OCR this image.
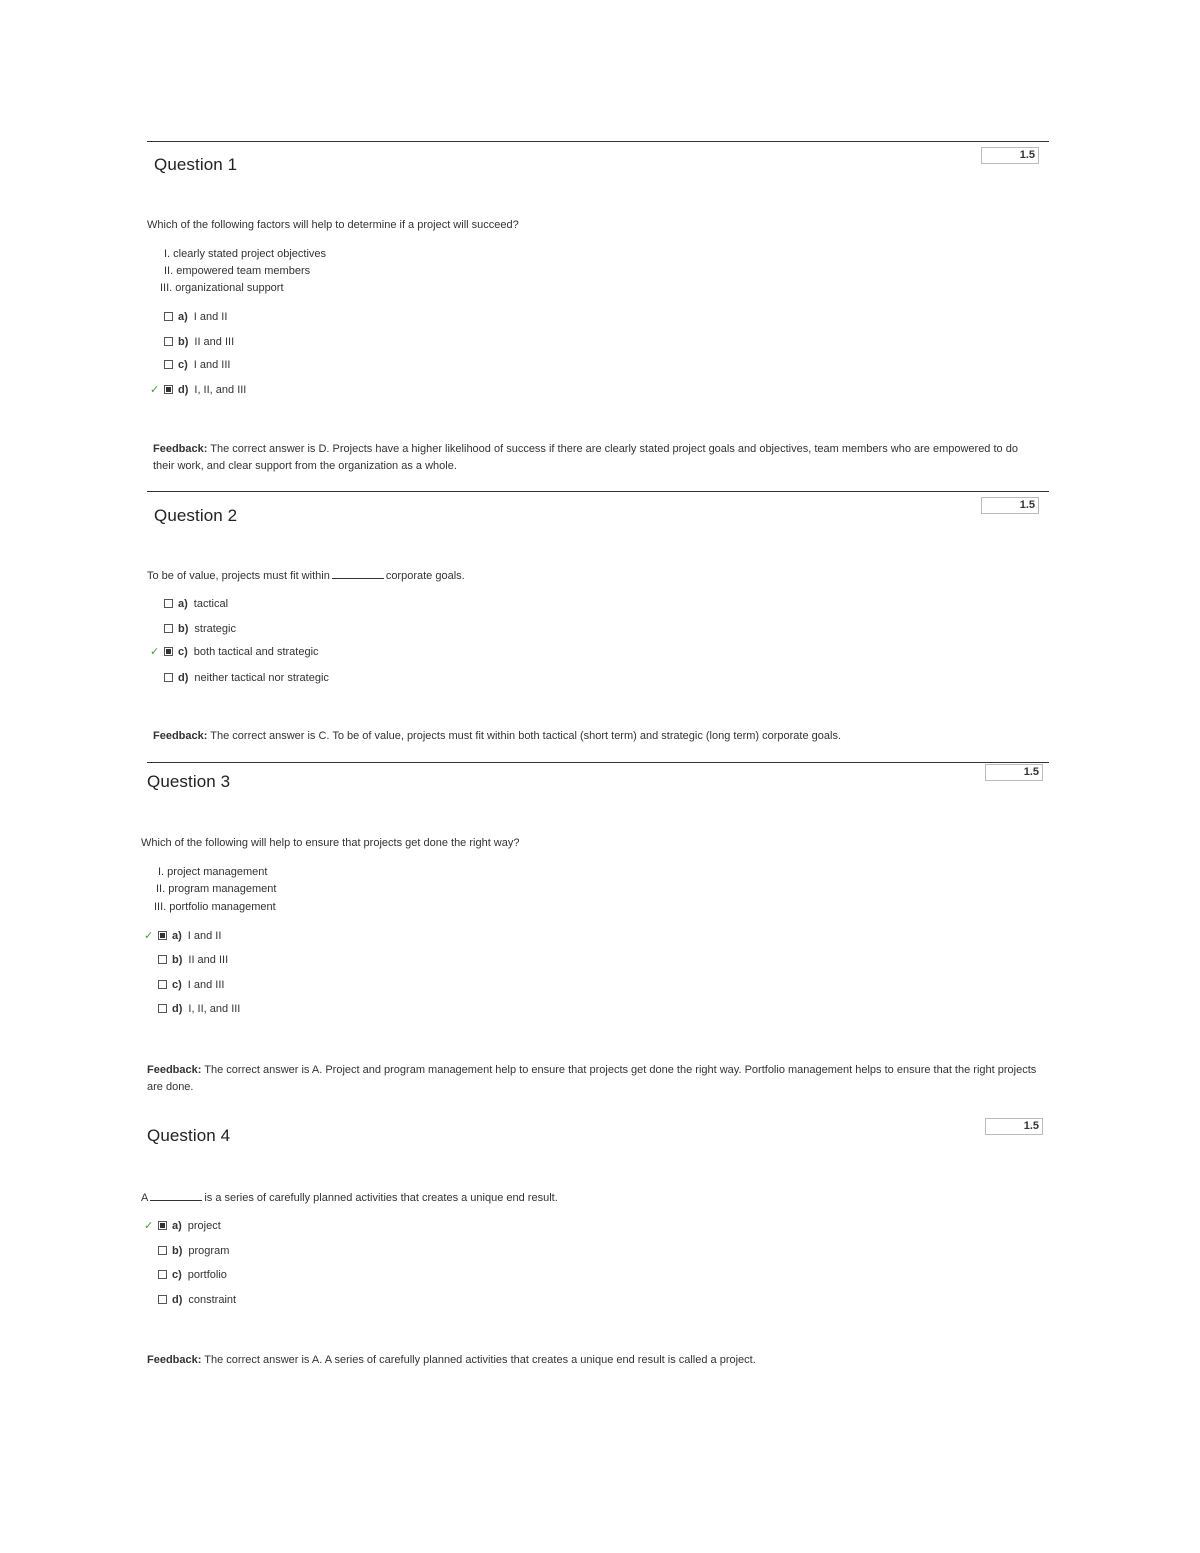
Question 1	1.5
Which of the following factors will help to determine if a project will succeed?
I. clearly stated project objectives
II. empowered team members
III. organizational support
a) I and II
b) II and III
c) I and III
✓ d) I, II, and III
Feedback: The correct answer is D. Projects have a higher likelihood of success if there are clearly stated project goals and objectives, team members who are empowered to do their work, and clear support from the organization as a whole.
Question 2
1.5
To be of value, projects must fit within	corporate goals.
a) tactical
b) strategic
✓ c) both tactical and strategic
d) neither tactical nor strategic
Feedback: The correct answer is C. To be of value, projects must fit within both tactical (short term) and strategic (long term) corporate goals.
Question 3	1.5
Which of the following will help to ensure that projects get done the right way?
I. project management
II. program management
III. portfolio management
✓ a) I and II
b) II and III
c) I and III
d) I, II, and III
Feedback: The correct answer is A. Project and program management help to ensure that projects get done the right way. Portfolio management helps to ensure that the right projects are done.
Question 4	1.5
A	is a series of carefully planned activities that creates a unique end result.
✓ a) project
b) program
c) portfolio
d) constraint
Feedback: The correct answer is A. A series of carefully planned activities that creates a unique end result is called a project.
